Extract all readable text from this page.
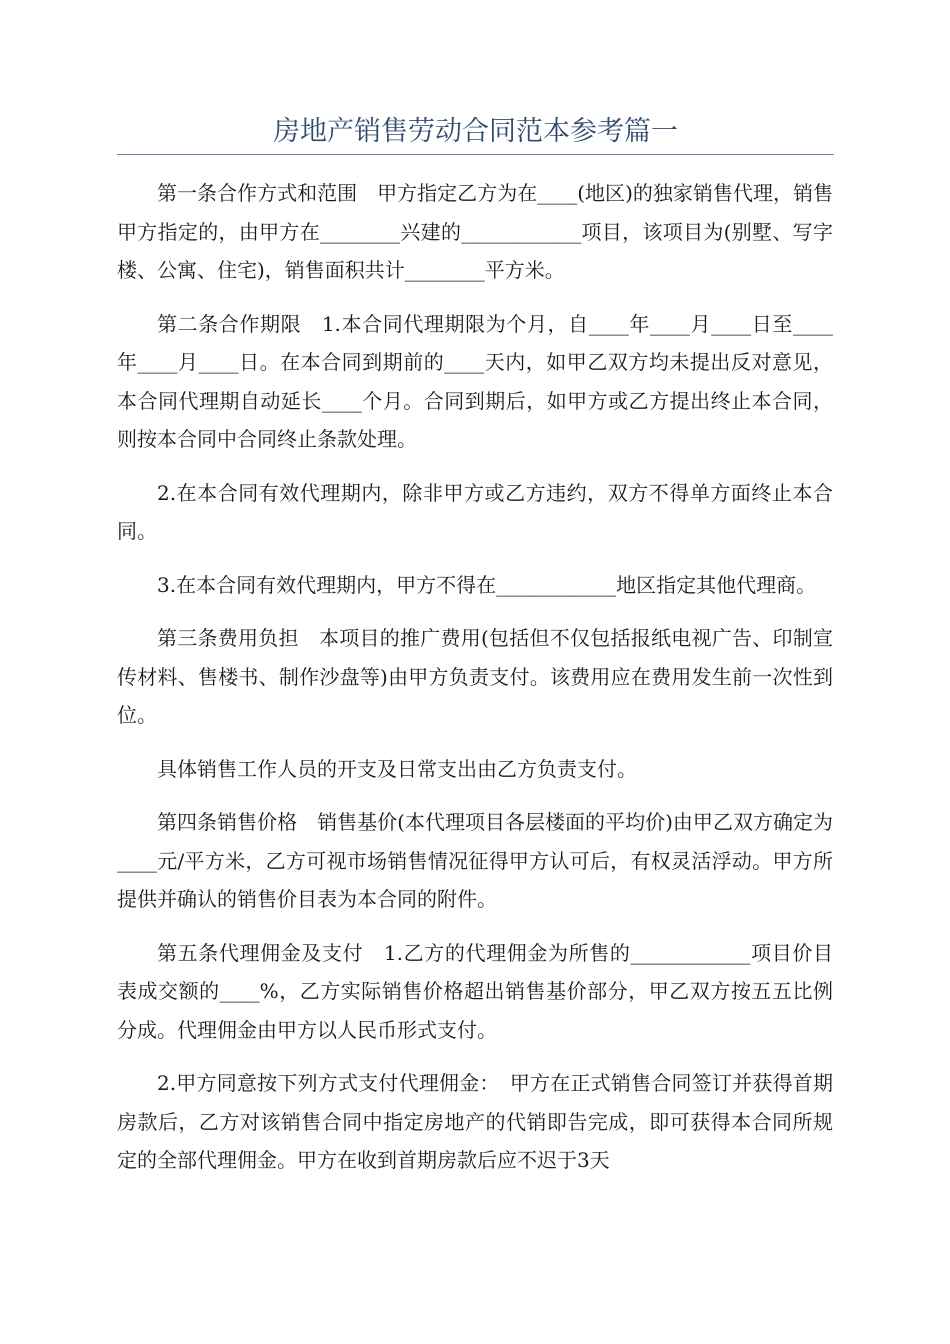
房地产销售劳动合同范本参考篇一

第一条合作方式和范围　甲方指定乙方为在____(地区)的独家销售代理，销售甲方指定的，由甲方在________兴建的____________项目，该项目为(别墅、写字楼、公寓、住宅)，销售面积共计________平方米。

第二条合作期限　1.本合同代理期限为个月，自____年____月____日至____年____月____日。在本合同到期前的____天内，如甲乙双方均未提出反对意见，本合同代理期自动延长____个月。合同到期后，如甲方或乙方提出终止本合同，则按本合同中合同终止条款处理。

2.在本合同有效代理期内，除非甲方或乙方违约，双方不得单方面终止本合同。

3.在本合同有效代理期内，甲方不得在____________地区指定其他代理商。

第三条费用负担　本项目的推广费用(包括但不仅包括报纸电视广告、印制宣传材料、售楼书、制作沙盘等)由甲方负责支付。该费用应在费用发生前一次性到位。

具体销售工作人员的开支及日常支出由乙方负责支付。

第四条销售价格　销售基价(本代理项目各层楼面的平均价)由甲乙双方确定为____元/平方米，乙方可视市场销售情况征得甲方认可后，有权灵活浮动。甲方所提供并确认的销售价目表为本合同的附件。

第五条代理佣金及支付　1.乙方的代理佣金为所售的____________项目价目表成交额的____%，乙方实际销售价格超出销售基价部分，甲乙双方按五五比例分成。代理佣金由甲方以人民币形式支付。

2.甲方同意按下列方式支付代理佣金：　甲方在正式销售合同签订并获得首期房款后，乙方对该销售合同中指定房地产的代销即告完成，即可获得本合同所规定的全部代理佣金。甲方在收到首期房款后应不迟于3天
